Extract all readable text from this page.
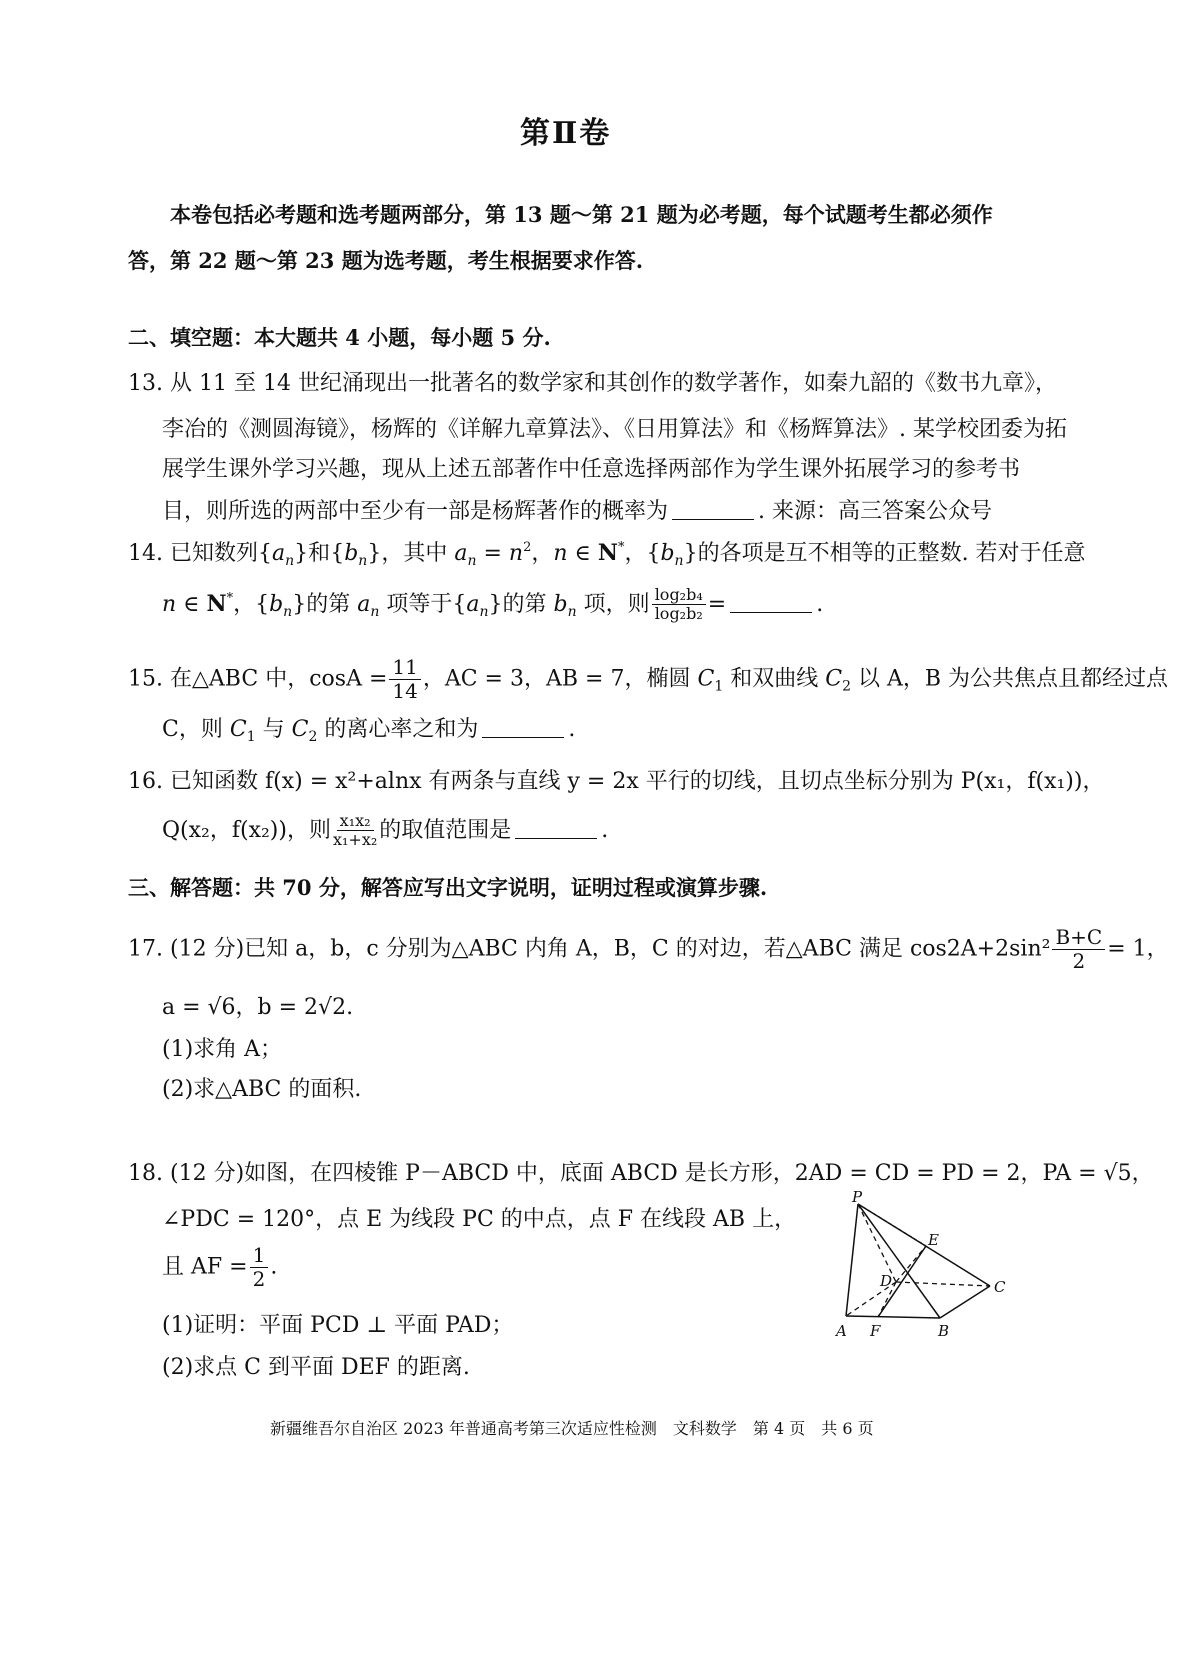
第Ⅱ卷
本卷包括必考题和选考题两部分，第 13 题～第 21 题为必考题，每个试题考生都必须作
答，第 22 题～第 23 题为选考题，考生根据要求作答.
二、填空题：本大题共 4 小题，每小题 5 分.
13. 从 11 至 14 世纪涌现出一批著名的数学家和其创作的数学著作，如秦九韶的《数书九章》，
李冶的《测圆海镜》，杨辉的《详解九章算法》、《日用算法》和《杨辉算法》. 某学校团委为拓
展学生课外学习兴趣，现从上述五部著作中任意选择两部作为学生课外拓展学习的参考书
目，则所选的两部中至少有一部是杨辉著作的概率为	. 来源：高三答案公众号
14. 已知数列$\{a_n\}$和$\{b_n\}$，其中 $a_n = n^2$，n ∈ N*，$\{b_n\}$的各项是互不相等的正整数. 若对于任意
n ∈ N*，$\{b_n\}$的第 $a_n$ 项等于$\{a_n\}$的第 $b_n$ 项，则 $\frac{\text{log₂b₄}}{\text{log₂b₂}}$ =	.
15. 在△ABC 中，$\cos A = \frac{11}{14}$ ，AC = 3，AB = 7，椭圆 $C_1$ 和双曲线 $C_2$ 以 A，B 为公共焦点且都经过点
C，则 $C_1$ 与 $C_2$ 的离心率之和为	.
16. 已知函数 f(x) = x²+alnx 有两条与直线 y = 2x 平行的切线，且切点坐标分别为 P(x₁，f(x₁))，
Q(x₂，f(x₂))，则 $\frac{\text{x₁x₂}}{\text{x₁+x₂}}$ 的取值范围是	.
三、解答题：共 70 分，解答应写出文字说明，证明过程或演算步骤.
17. (12 分)已知 a，b，c 分别为△ABC 内角 A，B，C 的对边，若△ABC 满足 $\cos 2A+2\sin^2 \frac{B+C}{2} = 1$，
a = √6，b = 2√2.
(1)求角 A；
(2)求△ABC 的面积.
18. (12 分)如图，在四棱锥 P－ABCD 中，底面 ABCD 是长方形，2AD = CD = PD = 2，PA = √5，
∠PDC = 120°，点 E 为线段 PC 的中点，点 F 在线段 AB 上，
且 AF = $\frac{1}{2}$ .
(1)证明：平面 PCD ⊥ 平面 PAD；
(2)求点 C 到平面 DEF 的距离.
P
E
D	C
A F	B
新疆维吾尔自治区 2023 年普通高考第三次适应性检测　文科数学　第 4 页　共 6 页
